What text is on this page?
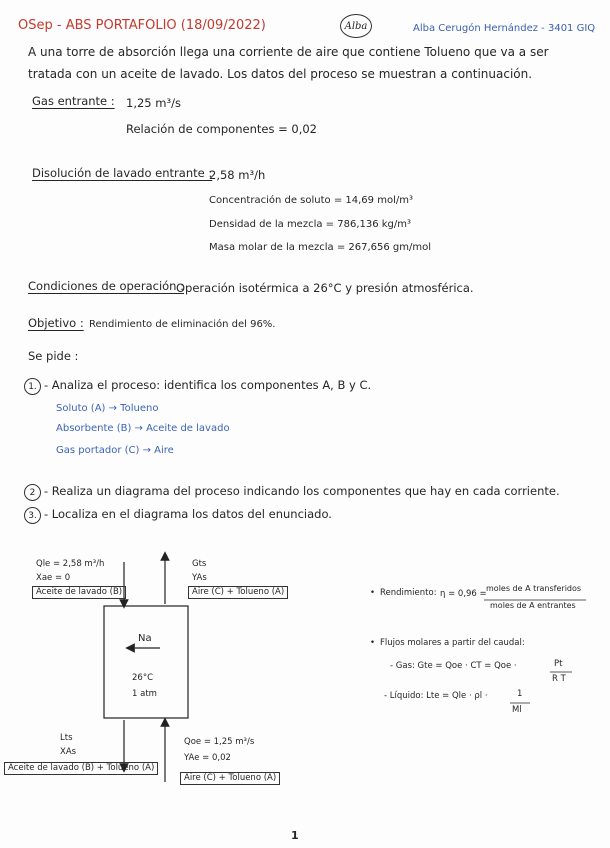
OSep - ABS PORTAFOLIO (18/09/2022)	Alba	Alba Cerugón Hernández - 3401 GIQ
A una torre de absorción llega una corriente de aire que contiene Tolueno que va a ser
tratada con un aceite de lavado. Los datos del proceso se muestran a continuación.
Gas entrante : 1,25 m³/s
Relación de componentes = 0,02
Disolución de lavado entrante :
2,58 m³/h
Concentración de soluto = 14,69 mol/m³
Densidad de la mezcla = 786,136 kg/m³
Masa molar de la mezcla = 267,656 gm/mol
Condiciones de operación :
Operación isotérmica a 26°C y presión atmosférica.
Objetivo : Rendimiento de eliminación del 96%.
Se pide :
1. - Analiza el proceso: identifica los componentes A, B y C.
Soluto (A) → Tolueno
Absorbente (B) → Aceite de lavado
Gas portador (C) → Aire
2 - Realiza un diagrama del proceso indicando los componentes que hay en cada corriente.
3. - Localiza en el diagrama los datos del enunciado.
Qle = 2,58 m³/h
Xae = 0
Aceite de lavado (B)
Gts
YAs
Aire (C) + Tolueno (A)
Na
26°C
1 atm
Lts
XAs
Aceite de lavado (B) + Tolueno (A)
Qoe = 1,25 m³/s
YAe = 0,02
Aire (C) + Tolueno (A)
• Rendimiento: η = 0,96 =
moles de A transferidos
moles de A entrantes
• Flujos molares a partir del caudal:
- Gas: Gte = Qoe · CT = Qoe ·	Pt
R T
- Líquido: Lte = Qle · ρl ·	1
Ml
1
